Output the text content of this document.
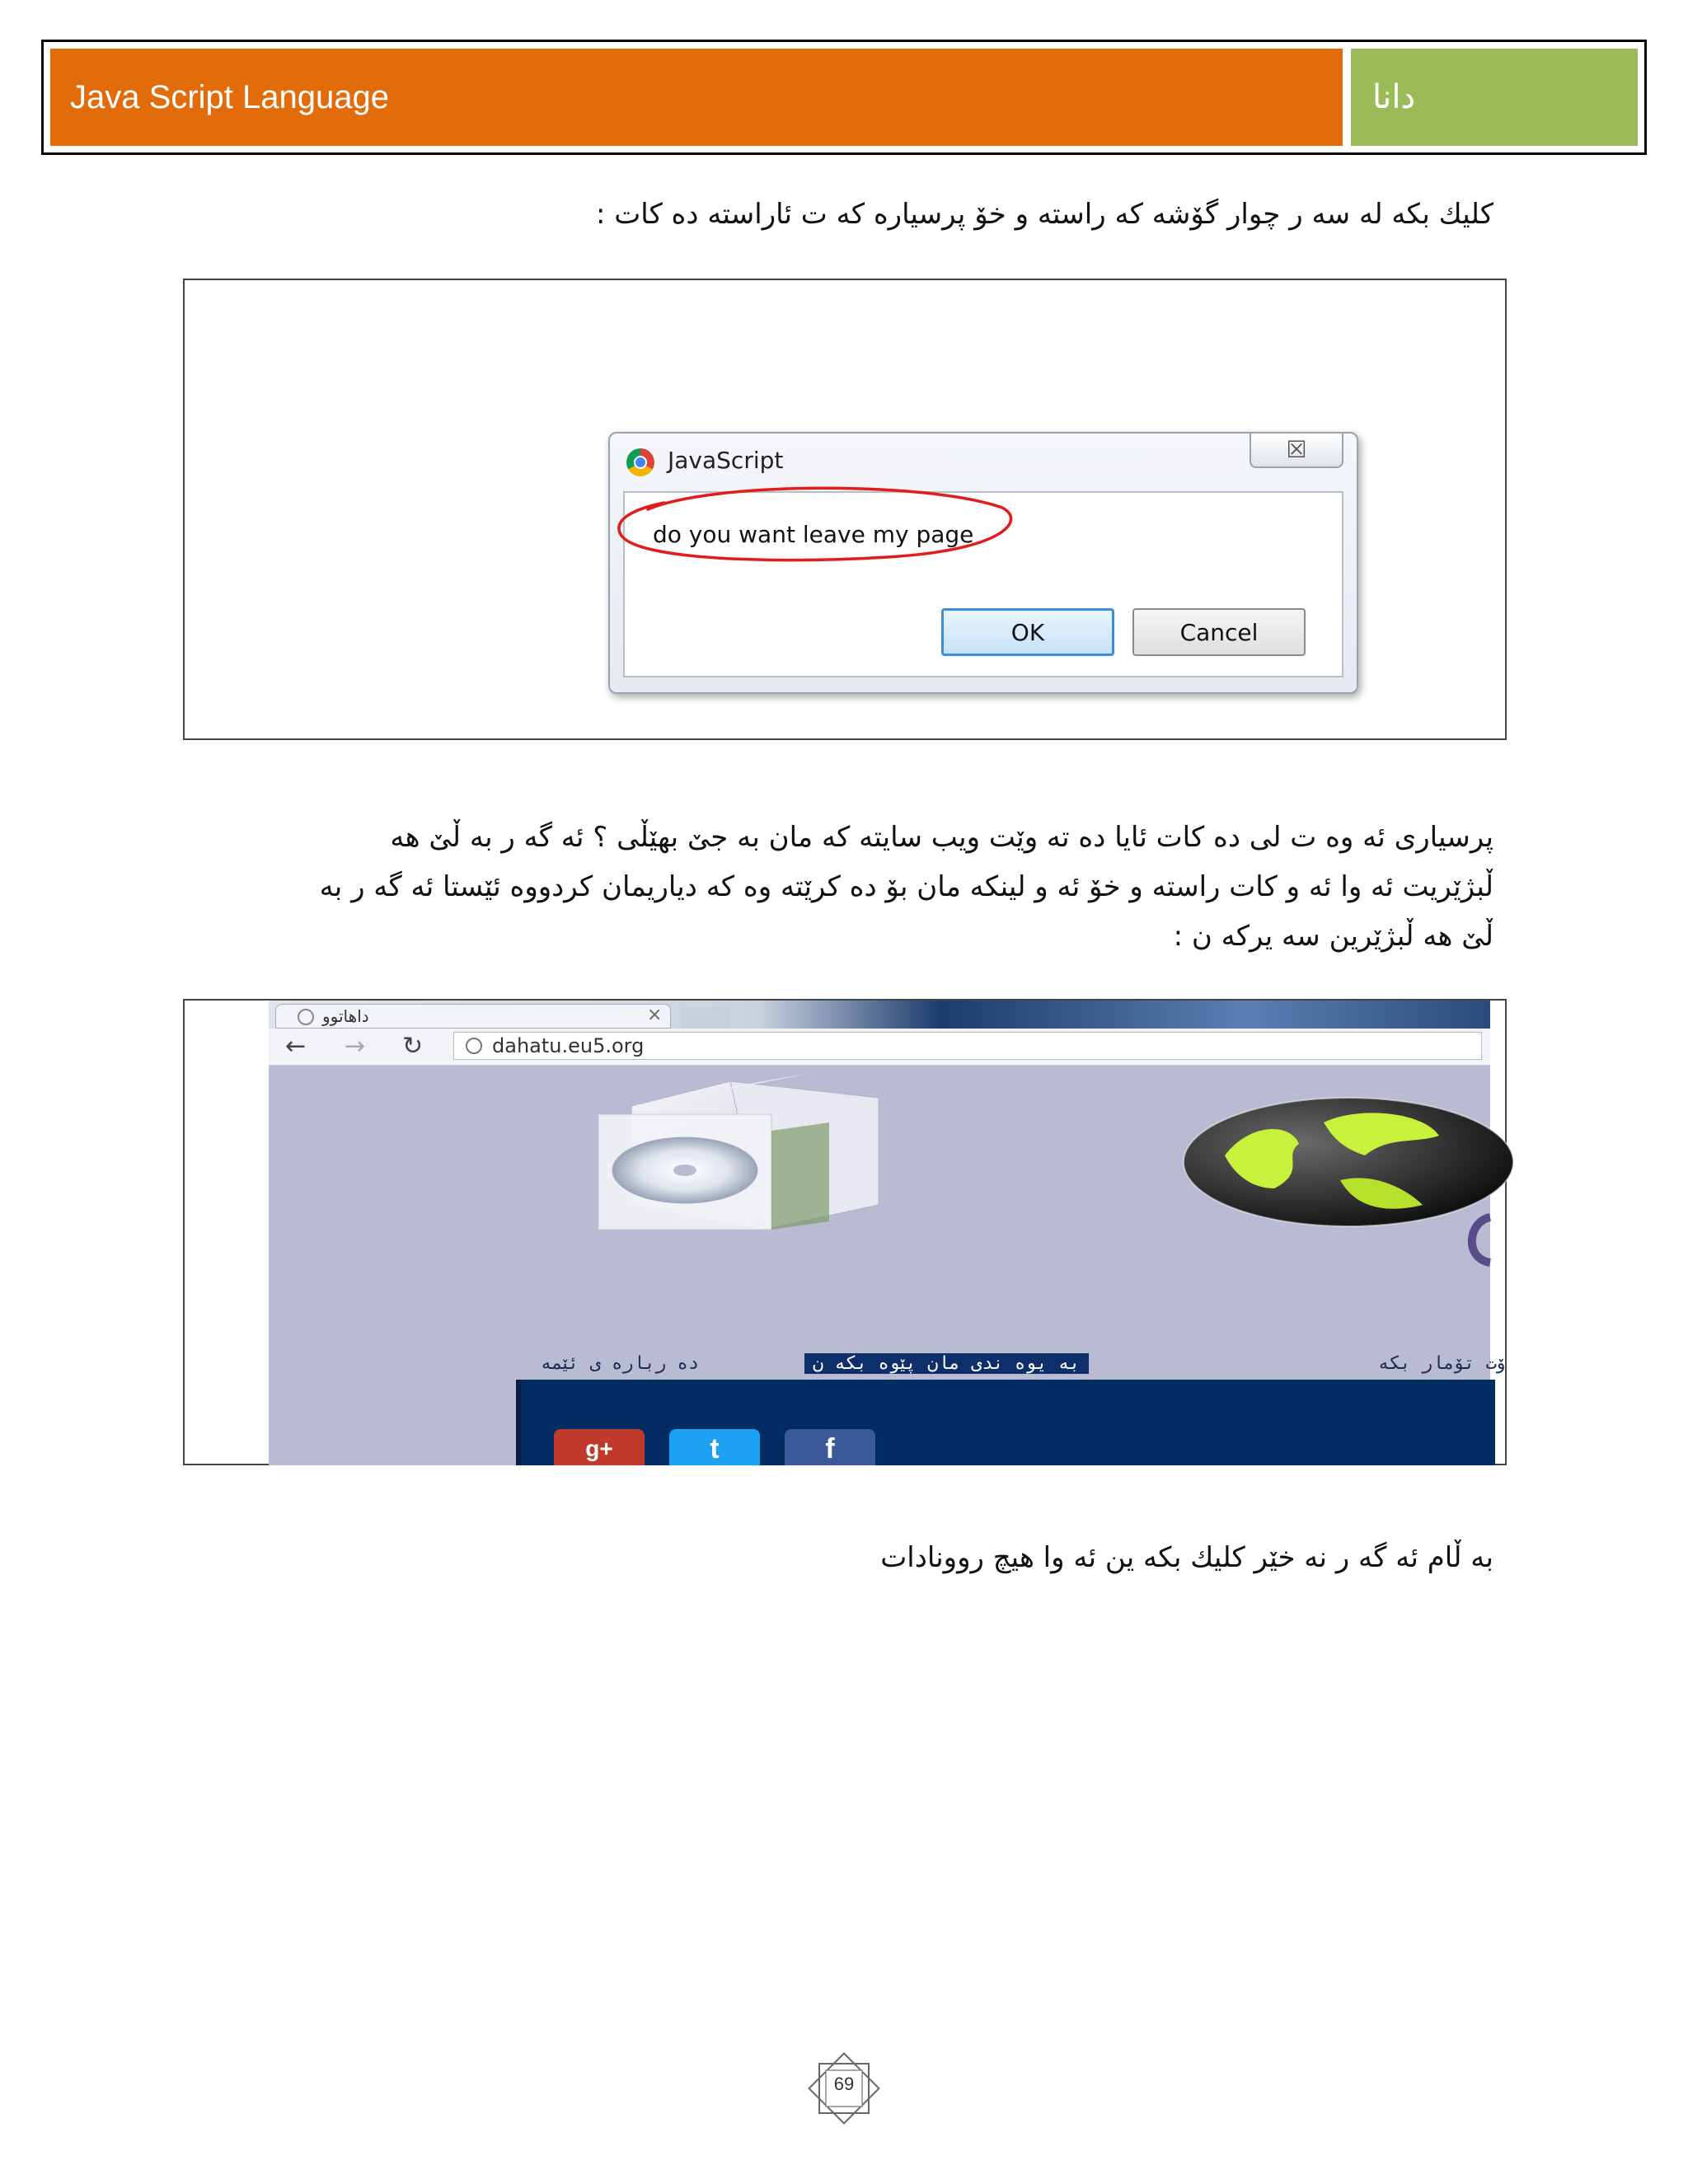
Java Script Language	دانا
كليك بكه له سه ر چوار گۆشه كه راسته و خۆ پرسیاره كه ت ئاراسته ده كات :
JavaScript	☒
do you want leave my page
OK	Cancel
پرسیاری ئه وه ت لی ده كات ئایا ده ته وێت ویب سایته كه مان به جێ بهێڵی ؟ ئه گه ر به ڵێ هه
ڵبژێریت ئه وا ئه و كات راسته و خۆ ئه و لینكه مان بۆ ده كرێته وه كه دیاریمان كردووه ئێستا ئه گه ر به
ڵێ هه ڵبژێرین سه یركه ن :
داهاتوو	×
← → ↻	dahatu.eu5.org
ۆت تۆمار بکه
به یوه ندی مان پێوه بکه ن
ده رباره ی ئێمه
g+	t	f
به ڵام ئه گه ر نه خێر كلیك بكه ین ئه وا هیچ روونادات
69
